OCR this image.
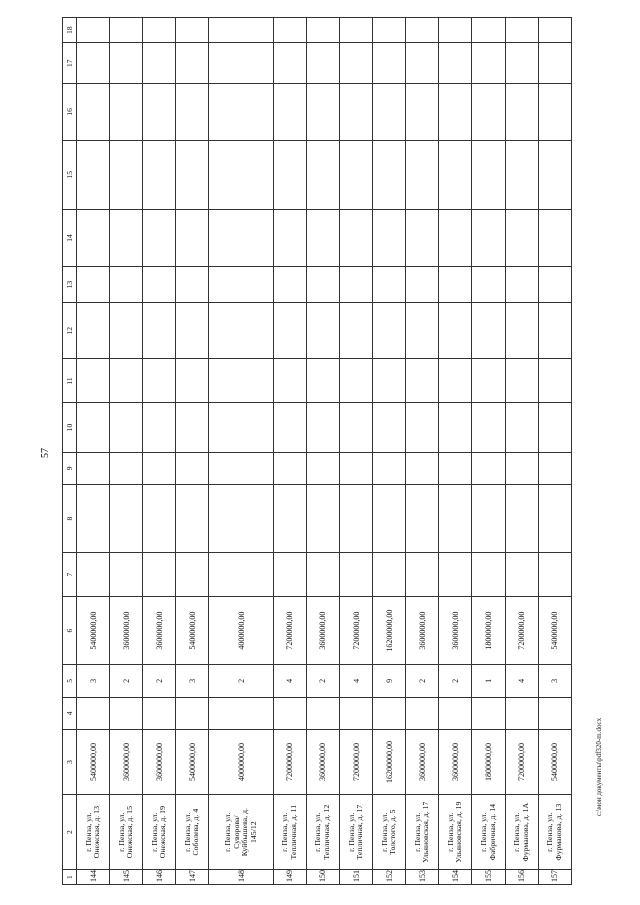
57
1	2	3	4	5	6	7	8	9	10	11	12	13	14	15	16	17	18
144	г. Пенза, ул. Онежская, д. 13	5400000,00		3	5400000,00												
145	г. Пенза, ул. Онежская, д. 15	3600000,00		2	3600000,00												
146	г. Пенза, ул. Онежская, д. 19	3600000,00		2	3600000,00												
147	г. Пенза, ул. Соболева, д. 4	5400000,00		3	5400000,00												
148	г. Пенза, ул. Суворова/ Куйбышева, д. 145/12	4000000,00		2	4000000,00												
149	г. Пенза, ул. Тепличная, д. 11	7200000,00		4	7200000,00												
150	г. Пенза, ул. Тепличная, д. 12	3600000,00		2	3600000,00												
151	г. Пенза, ул. Тепличная, д. 17	7200000,00		4	7200000,00												
152	г. Пенза, ул. Толстого, д. 5	16200000,00		9	16200000,00												
153	г. Пенза, ул. Ульяновская, д. 17	3600000,00		2	3600000,00												
154	г. Пенза, ул. Ульяновская, д. 19	3600000,00		2	3600000,00												
155	г. Пенза, ул. Фабричная, д. 14	1800000,00		1	1800000,00												
156	г. Пенза, ул. Фурманова, д. 1А	7200000,00		4	7200000,00												
157	г. Пенза, ул. Фурманова, д. 13	5400000,00		3	5400000,00												
c:\мои документы\pdf320-m.docx
